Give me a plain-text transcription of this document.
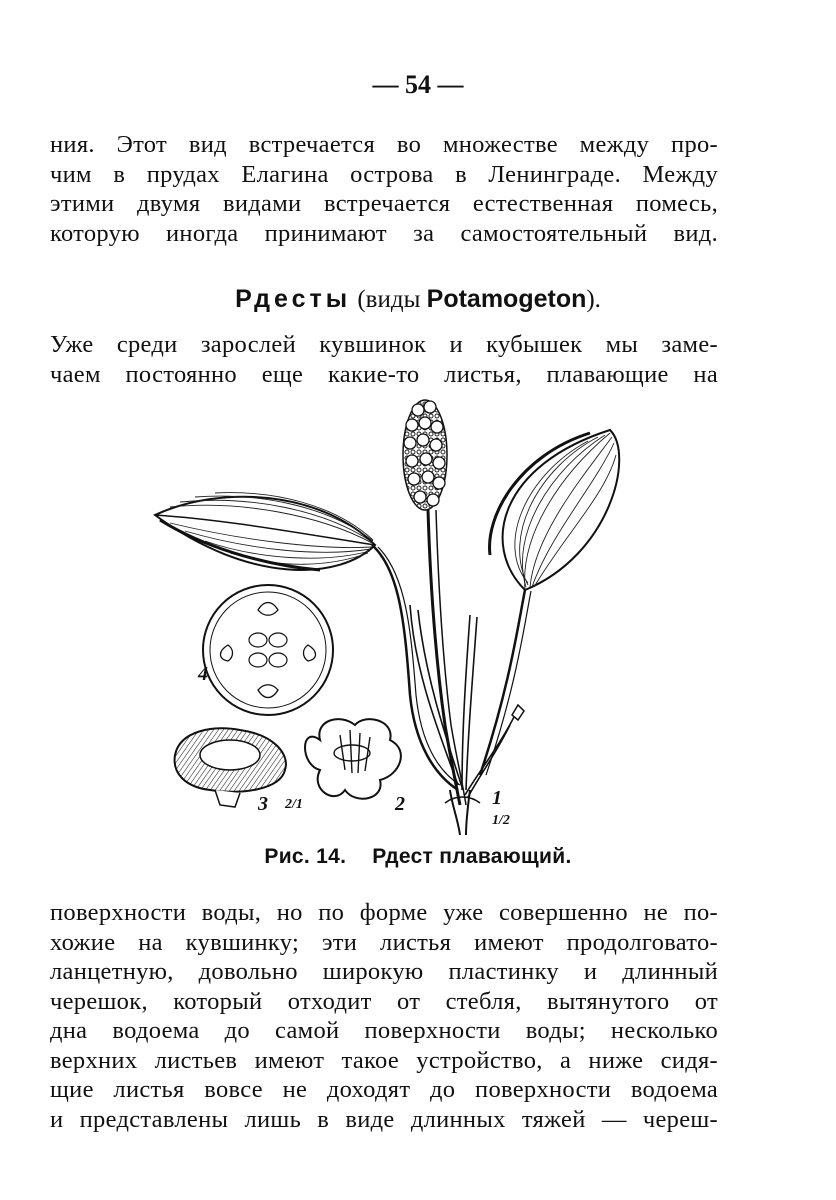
— 54 —
ния. Этот вид встречается во множестве между про-
чим в прудах Елагина острова в Ленинграде. Между
этими двумя видами встречается естественная помесь,
которую иногда принимают за самостоятельный вид.
Рдесты (виды Potamogeton).
Уже среди зарослей кувшинок и кубышек мы заме-
чаем постоянно еще какие-то листья, плавающие на
4
3 2/1	2	1
1/2
Рис. 14. Рдест плавающий.
поверхности воды, но по форме уже совершенно не по-
хожие на кувшинку; эти листья имеют продолговато-
ланцетную, довольно широкую пластинку и длинный
черешок, который отходит от стебля, вытянутого от
дна водоема до самой поверхности воды; несколько
верхних листьев имеют такое устройство, а ниже сидя-
щие листья вовсе не доходят до поверхности водоема
и представлены лишь в виде длинных тяжей — череш-
